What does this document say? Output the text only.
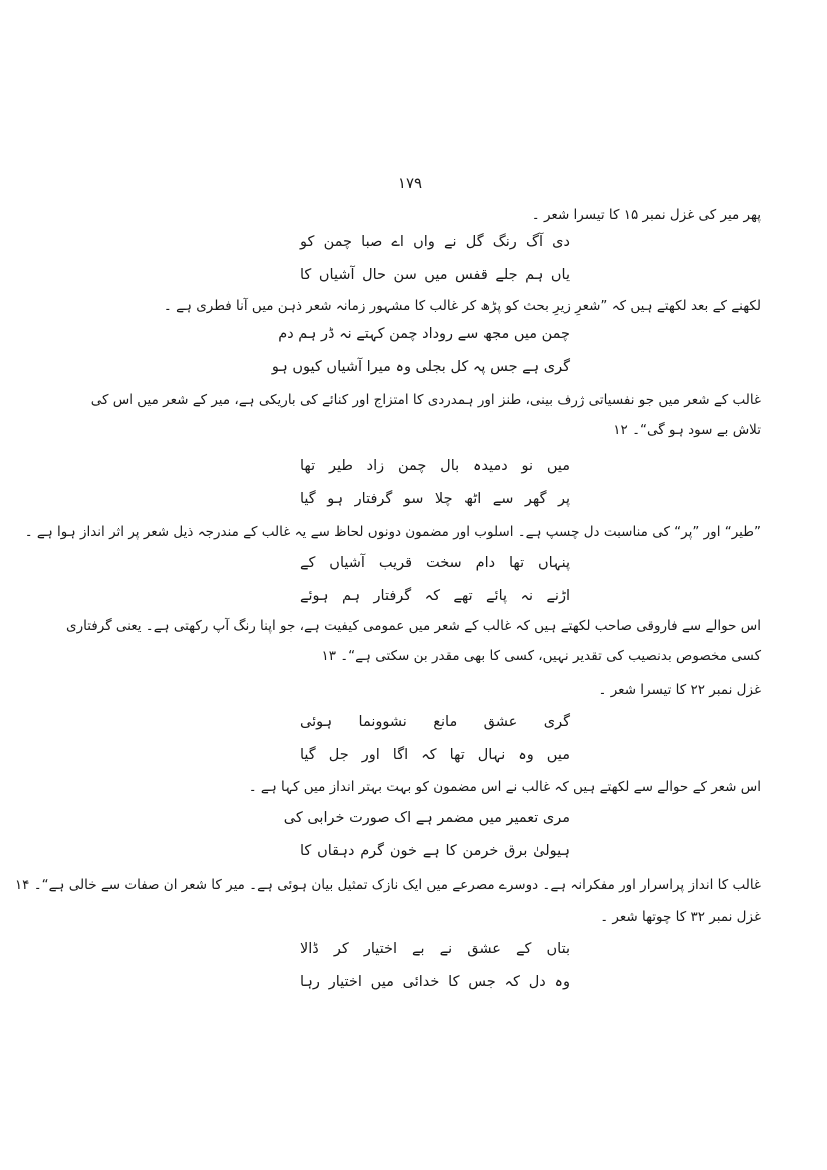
۱۷۹
پھر میر کی غزل نمبر ۱۵ کا تیسرا شعر ۔
دی آگ رنگ گل نے واں اے صبا چمن کو
یاں ہم جلے قفس میں سن حال آشیاں کا
لکھنے کے بعد لکھتے ہیں کہ ”شعرِ زیرِ بحث کو پڑھ کر غالب کا مشہور زمانہ شعر ذہن میں آنا فطری ہے ۔
چمن میں مجھ سے روداد چمن کہتے نہ ڈر ہم دم
گری ہے جس پہ کل بجلی وہ میرا آشیاں کیوں ہو
غالب کے شعر میں جو نفسیاتی ژرف بینی، طنز اور ہمدردی کا امتزاج اور کنائے کی باریکی ہے، میر کے شعر میں اس کی تلاش بے سود ہو گی“۔ ۱۲
میں نو دمیدہ بال چمن زاد طیر تھا
پر گھر سے اٹھ چلا سو گرفتار ہو گیا
”طیر“ اور ”پر“ کی مناسبت دل چسپ ہے۔ اسلوب اور مضمون دونوں لحاظ سے یہ غالب کے مندرجہ ذیل شعر پر اثر انداز ہوا ہے ۔
پنہاں تھا دام سخت قریب آشیاں کے
اڑنے نہ پائے تھے کہ گرفتار ہم ہوئے
اس حوالے سے فاروقی صاحب لکھتے ہیں کہ غالب کے شعر میں عمومی کیفیت ہے، جو اپنا رنگ آپ رکھتی ہے۔ یعنی گرفتاری کسی مخصوص بدنصیب کی تقدیر نہیں، کسی کا بھی مقدر بن سکتی ہے“۔ ۱۳
غزل نمبر ۲۲ کا تیسرا شعر ۔
گری عشق مانع نشوونما ہوئی
میں وہ نہال تھا کہ اگا اور جل گیا
اس شعر کے حوالے سے لکھتے ہیں کہ غالب نے اس مضمون کو بہت بہتر انداز میں کہا ہے ۔
مری تعمیر میں مضمر ہے اک صورت خرابی کی
ہیولیٰ برق خرمن کا ہے خون گرم دہقاں کا
غالب کا انداز پراسرار اور مفکرانہ ہے۔ دوسرے مصرعے میں ایک نازک تمثیل بیان ہوئی ہے۔ میر کا شعر ان صفات سے خالی ہے“۔ ۱۴
غزل نمبر ۳۲ کا چوتھا شعر ۔
بتاں کے عشق نے بے اختیار کر ڈالا
وہ دل کہ جس کا خدائی میں اختیار رہا
